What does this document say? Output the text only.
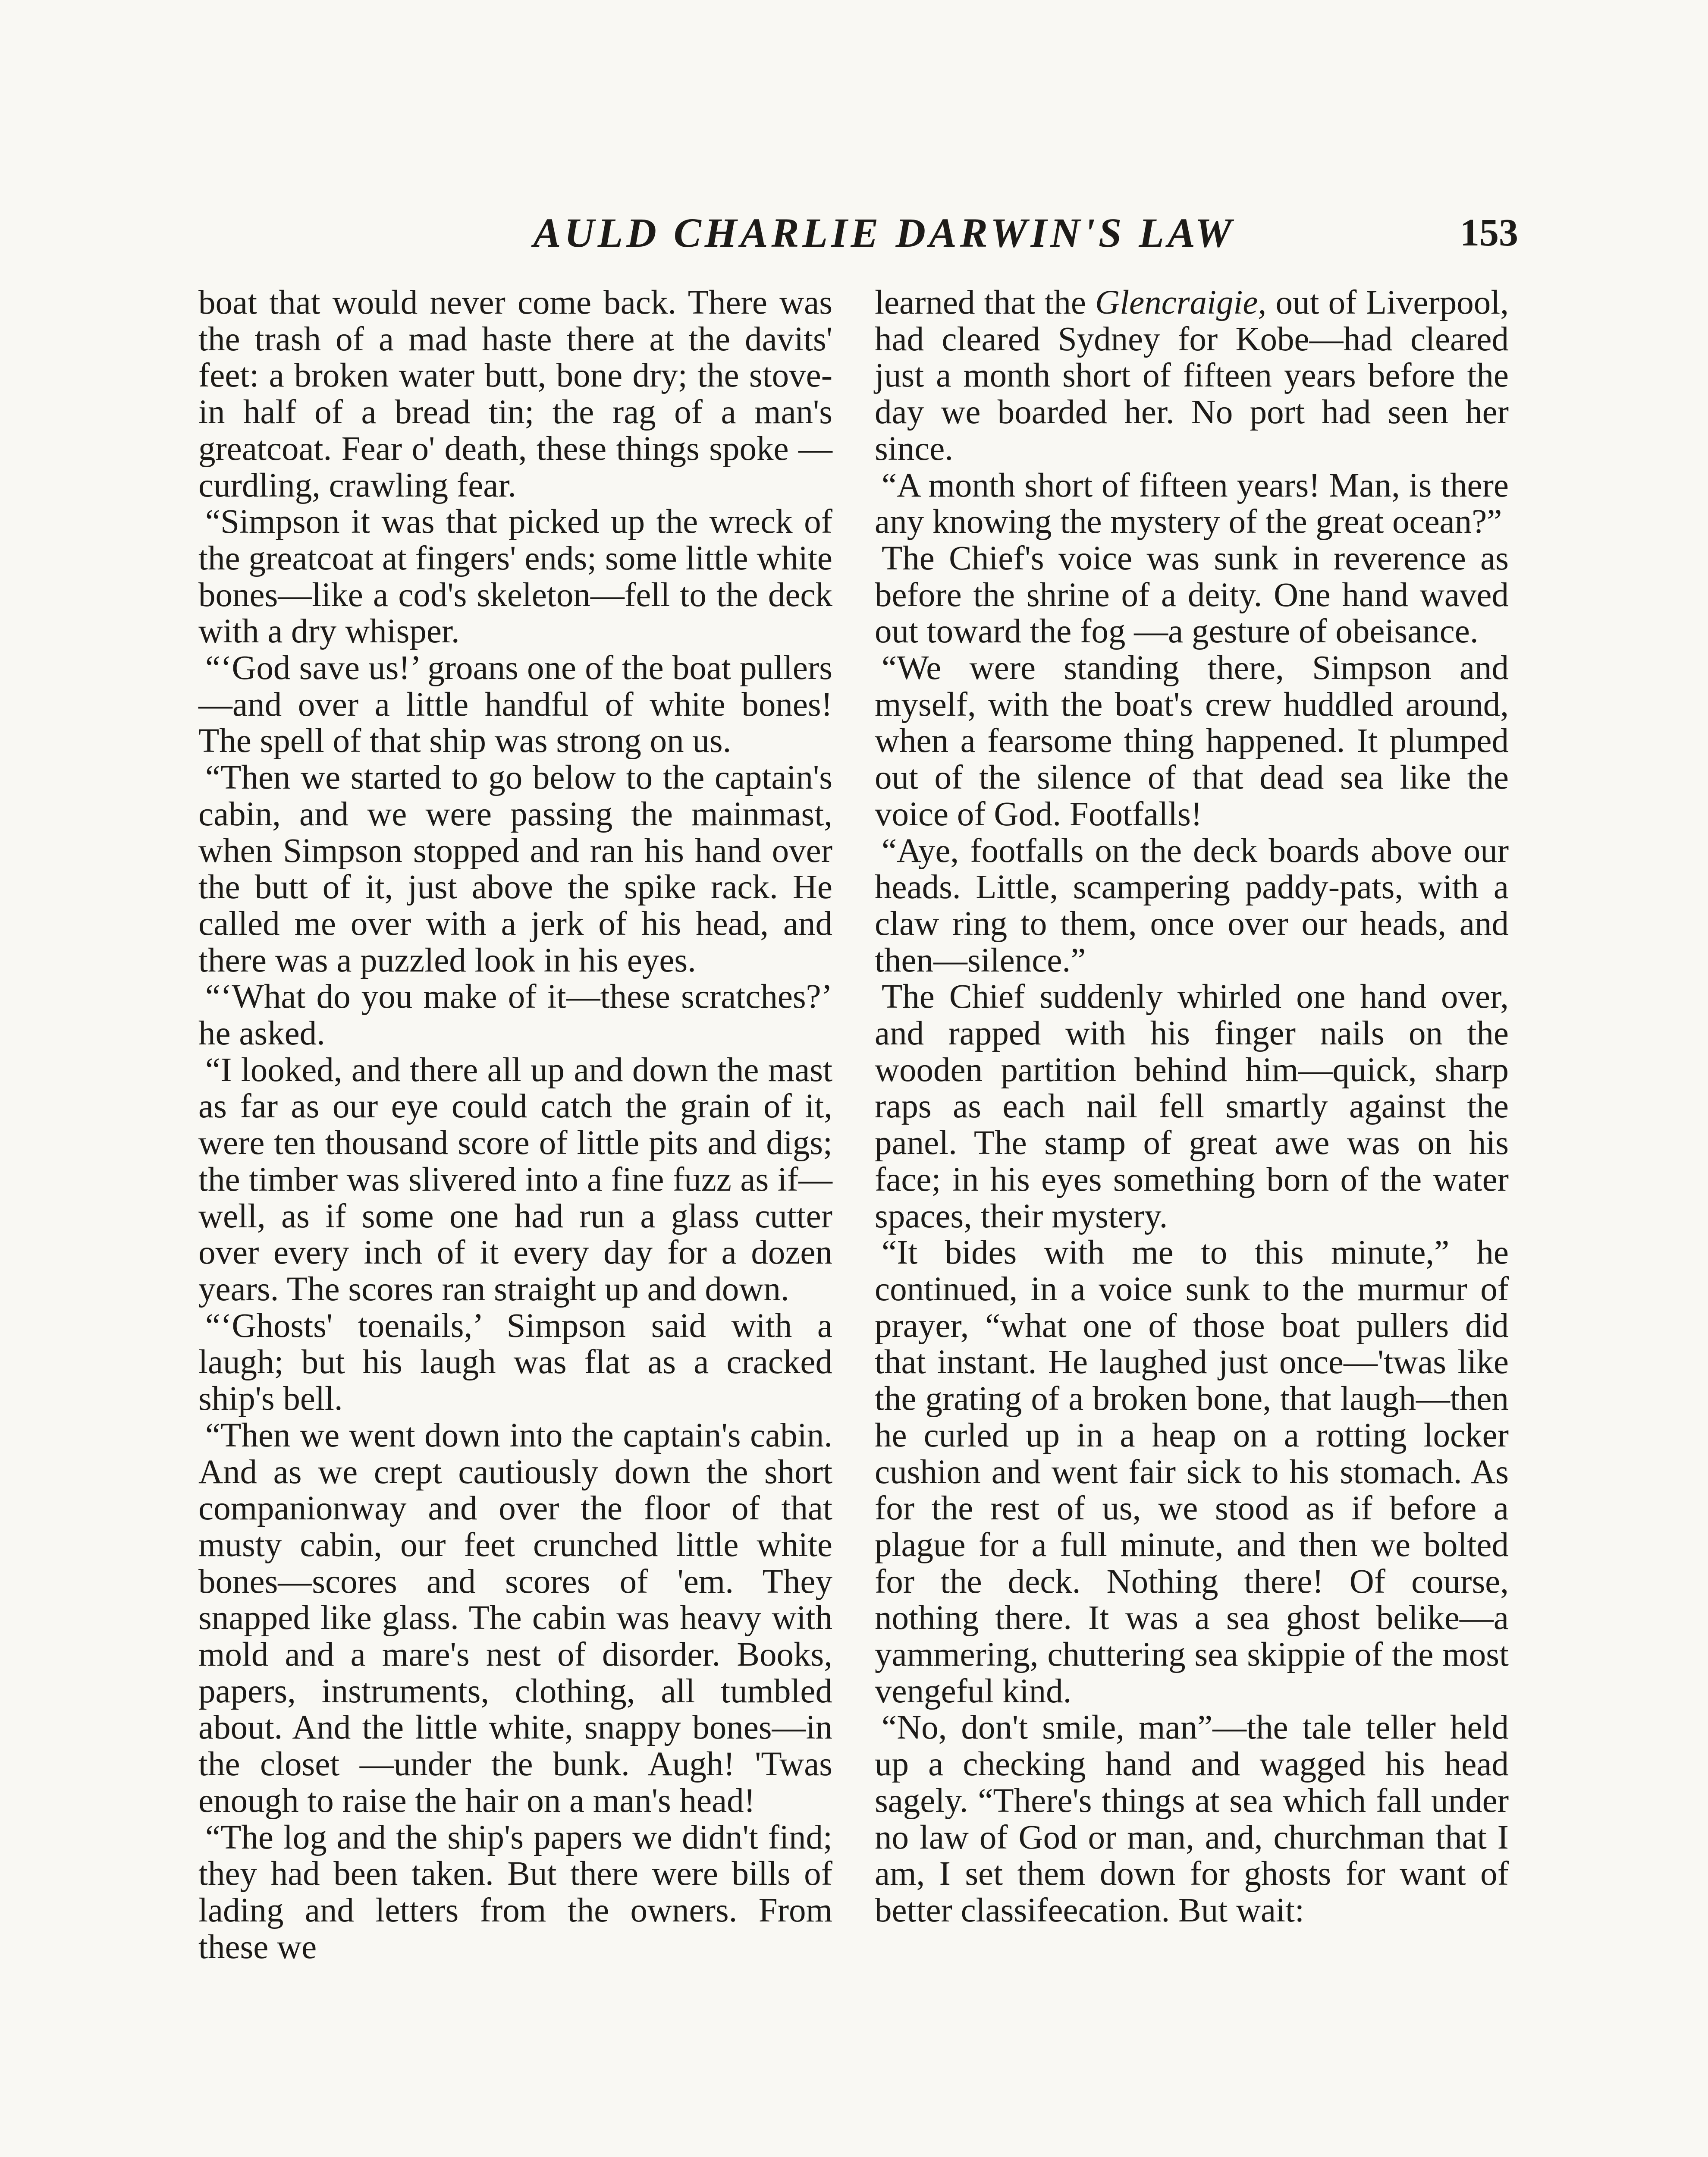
AULD CHARLIE DARWIN'S LAW	153

boat that would never come back. There was the trash of a mad haste there at the davits' feet: a broken water butt, bone dry; the stove-in half of a bread tin; the rag of a man's greatcoat. Fear o' death, these things spoke —curdling, crawling fear.

“Simpson it was that picked up the wreck of the greatcoat at fingers' ends; some little white bones—like a cod's skeleton—fell to the deck with a dry whisper.

“‘God save us!’ groans one of the boat pullers—and over a little handful of white bones! The spell of that ship was strong on us.

“Then we started to go below to the captain's cabin, and we were passing the mainmast, when Simpson stopped and ran his hand over the butt of it, just above the spike rack. He called me over with a jerk of his head, and there was a puzzled look in his eyes.

“‘What do you make of it—these scratches?’ he asked.

“I looked, and there all up and down the mast as far as our eye could catch the grain of it, were ten thousand score of little pits and digs; the timber was slivered into a fine fuzz as if—well, as if some one had run a glass cutter over every inch of it every day for a dozen years. The scores ran straight up and down.

“‘Ghosts' toenails,’ Simpson said with a laugh; but his laugh was flat as a cracked ship's bell.

“Then we went down into the captain's cabin. And as we crept cautiously down the short companionway and over the floor of that musty cabin, our feet crunched little white bones—scores and scores of 'em. They snapped like glass. The cabin was heavy with mold and a mare's nest of disorder. Books, papers, instruments, clothing, all tumbled about. And the little white, snappy bones—in the closet —under the bunk. Augh! 'Twas enough to raise the hair on a man's head!

“The log and the ship's papers we didn't find; they had been taken. But there were bills of lading and letters from the owners. From these we

learned that the Glencraigie, out of Liverpool, had cleared Sydney for Kobe—had cleared just a month short of fifteen years before the day we boarded her. No port had seen her since.

“A month short of fifteen years! Man, is there any knowing the mystery of the great ocean?”

The Chief's voice was sunk in reverence as before the shrine of a deity. One hand waved out toward the fog —a gesture of obeisance.

“We were standing there, Simpson and myself, with the boat's crew huddled around, when a fearsome thing happened. It plumped out of the silence of that dead sea like the voice of God. Footfalls!

“Aye, footfalls on the deck boards above our heads. Little, scampering paddy-pats, with a claw ring to them, once over our heads, and then—silence.”

The Chief suddenly whirled one hand over, and rapped with his finger nails on the wooden partition behind him—quick, sharp raps as each nail fell smartly against the panel. The stamp of great awe was on his face; in his eyes something born of the water spaces, their mystery.

“It bides with me to this minute,” he continued, in a voice sunk to the murmur of prayer, “what one of those boat pullers did that instant. He laughed just once—'twas like the grating of a broken bone, that laugh—then he curled up in a heap on a rotting locker cushion and went fair sick to his stomach. As for the rest of us, we stood as if before a plague for a full minute, and then we bolted for the deck. Nothing there! Of course, nothing there. It was a sea ghost belike—a yammering, chuttering sea skippie of the most vengeful kind.

“No, don't smile, man”—the tale teller held up a checking hand and wagged his head sagely. “There's things at sea which fall under no law of God or man, and, churchman that I am, I set them down for ghosts for want of better classifeecation. But wait:
